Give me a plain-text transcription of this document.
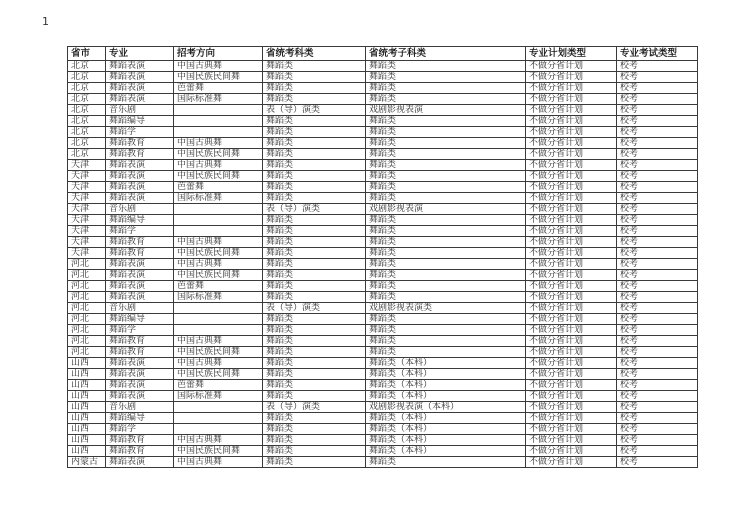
1
省市	专业	招考方向	省统考科类	省统考子科类	专业计划类型	专业考试类型
北京	舞蹈表演	中国古典舞	舞蹈类	舞蹈类	不做分省计划	校考
北京	舞蹈表演	中国民族民间舞	舞蹈类	舞蹈类	不做分省计划	校考
北京	舞蹈表演	芭蕾舞	舞蹈类	舞蹈类	不做分省计划	校考
北京	舞蹈表演	国际标准舞	舞蹈类	舞蹈类	不做分省计划	校考
北京	音乐剧		表（导）演类	戏剧影视表演	不做分省计划	校考
北京	舞蹈编导		舞蹈类	舞蹈类	不做分省计划	校考
北京	舞蹈学		舞蹈类	舞蹈类	不做分省计划	校考
北京	舞蹈教育	中国古典舞	舞蹈类	舞蹈类	不做分省计划	校考
北京	舞蹈教育	中国民族民间舞	舞蹈类	舞蹈类	不做分省计划	校考
天津	舞蹈表演	中国古典舞	舞蹈类	舞蹈类	不做分省计划	校考
天津	舞蹈表演	中国民族民间舞	舞蹈类	舞蹈类	不做分省计划	校考
天津	舞蹈表演	芭蕾舞	舞蹈类	舞蹈类	不做分省计划	校考
天津	舞蹈表演	国际标准舞	舞蹈类	舞蹈类	不做分省计划	校考
天津	音乐剧		表（导）演类	戏剧影视表演	不做分省计划	校考
天津	舞蹈编导		舞蹈类	舞蹈类	不做分省计划	校考
天津	舞蹈学		舞蹈类	舞蹈类	不做分省计划	校考
天津	舞蹈教育	中国古典舞	舞蹈类	舞蹈类	不做分省计划	校考
天津	舞蹈教育	中国民族民间舞	舞蹈类	舞蹈类	不做分省计划	校考
河北	舞蹈表演	中国古典舞	舞蹈类	舞蹈类	不做分省计划	校考
河北	舞蹈表演	中国民族民间舞	舞蹈类	舞蹈类	不做分省计划	校考
河北	舞蹈表演	芭蕾舞	舞蹈类	舞蹈类	不做分省计划	校考
河北	舞蹈表演	国际标准舞	舞蹈类	舞蹈类	不做分省计划	校考
河北	音乐剧		表（导）演类	戏剧影视表演类	不做分省计划	校考
河北	舞蹈编导		舞蹈类	舞蹈类	不做分省计划	校考
河北	舞蹈学		舞蹈类	舞蹈类	不做分省计划	校考
河北	舞蹈教育	中国古典舞	舞蹈类	舞蹈类	不做分省计划	校考
河北	舞蹈教育	中国民族民间舞	舞蹈类	舞蹈类	不做分省计划	校考
山西	舞蹈表演	中国古典舞	舞蹈类	舞蹈类（本科）	不做分省计划	校考
山西	舞蹈表演	中国民族民间舞	舞蹈类	舞蹈类（本科）	不做分省计划	校考
山西	舞蹈表演	芭蕾舞	舞蹈类	舞蹈类（本科）	不做分省计划	校考
山西	舞蹈表演	国际标准舞	舞蹈类	舞蹈类（本科）	不做分省计划	校考
山西	音乐剧		表（导）演类	戏剧影视表演（本科）	不做分省计划	校考
山西	舞蹈编导		舞蹈类	舞蹈类（本科）	不做分省计划	校考
山西	舞蹈学		舞蹈类	舞蹈类（本科）	不做分省计划	校考
山西	舞蹈教育	中国古典舞	舞蹈类	舞蹈类（本科）	不做分省计划	校考
山西	舞蹈教育	中国民族民间舞	舞蹈类	舞蹈类（本科）	不做分省计划	校考
内蒙古	舞蹈表演	中国古典舞	舞蹈类	舞蹈类	不做分省计划	校考
